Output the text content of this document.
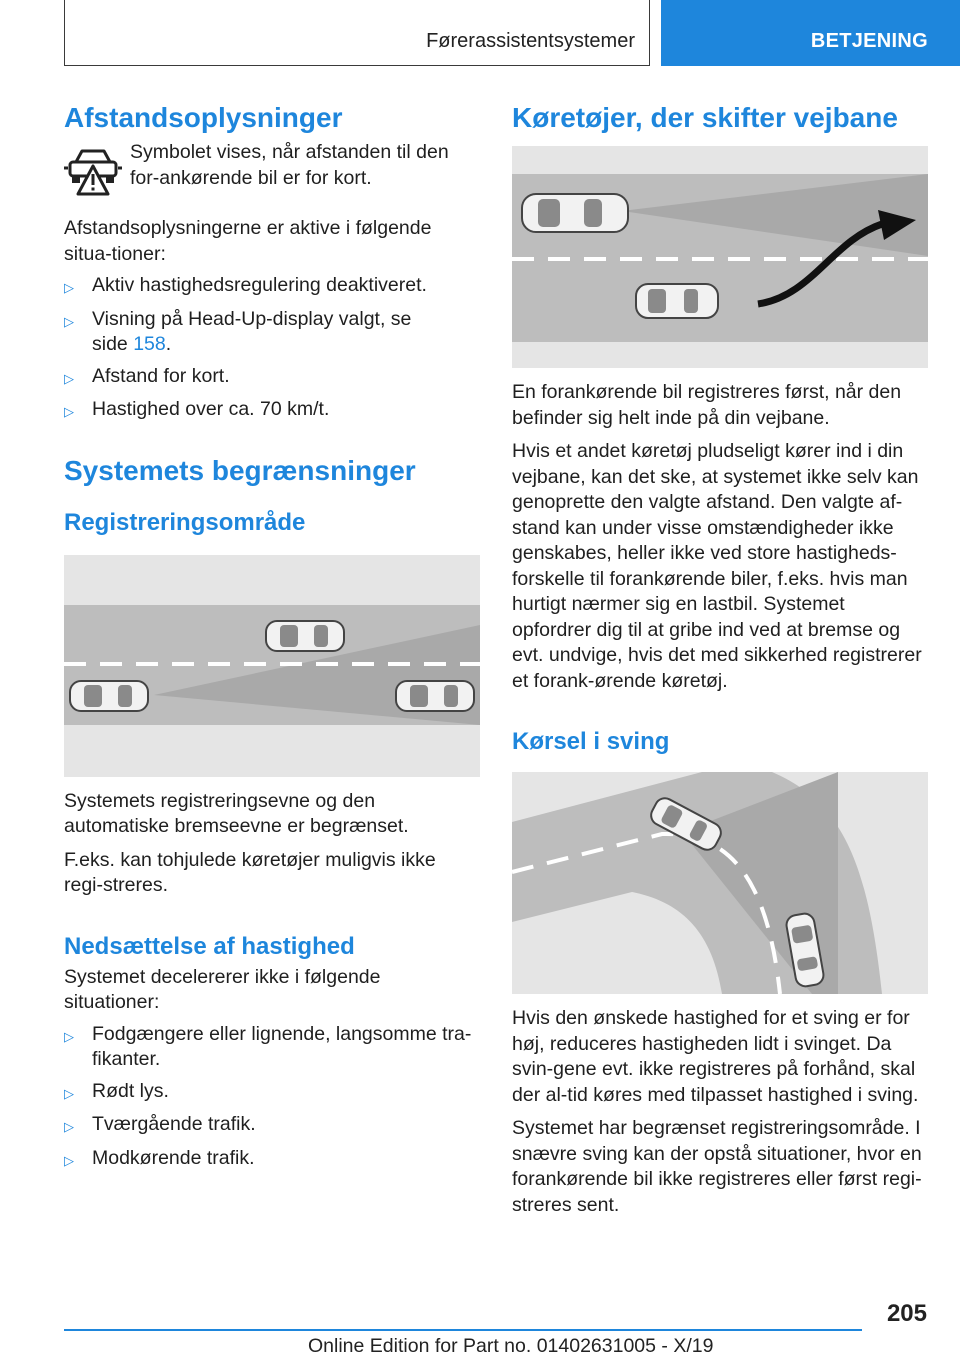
Førerassistentsystemer	BETJENING
Afstandsoplysninger

Symbolet vises, når afstanden til den for-ankørende bil er for kort.

Afstandsoplysningerne er aktive i følgende situa-tioner:

▷ Aktiv hastighedsregulering deaktiveret.
▷ Visning på Head-Up-display valgt, se
side 158.
▷ Afstand for kort.
▷ Hastighed over ca. 70 km/t.
Systemets begrænsninger
Registreringsområde

Systemets registreringsevne og den automatiske bremseevne er begrænset.

F.eks. kan tohjulede køretøjer muligvis ikke regi-streres.

Nedsættelse af hastighed

Systemet decelererer ikke i følgende situationer:

▷ Fodgængere eller lignende, langsomme tra-fikanter.
▷ Rødt lys.
▷ Tværgående trafik.
▷ Modkørende trafik.
Køretøjer, der skifter vejbane

En forankørende bil registreres først, når den befinder sig helt inde på din vejbane.

Hvis et andet køretøj pludseligt kører ind i din vejbane, kan det ske, at systemet ikke selv kan genoprette den valgte afstand. Den valgte af-stand kan under visse omstændigheder ikke genskabes, heller ikke ved store hastigheds-forskelle til forankørende biler, f.eks. hvis man hurtigt nærmer sig en lastbil. Systemet opfordrer dig til at gribe ind ved at bremse og evt. undvige, hvis det med sikkerhed registrerer et forank-ørende køretøj.

Kørsel i sving

Hvis den ønskede hastighed for et sving er for høj, reduceres hastigheden lidt i svinget. Da svin-gene evt. ikke registreres på forhånd, skal der al-tid køres med tilpasset hastighed i sving.

Systemet har begrænset registreringsområde. I snævre sving kan der opstå situationer, hvor en forankørende bil ikke registreres eller først regi-streres sent.

205
Online Edition for Part no. 01402631005 - X/19
